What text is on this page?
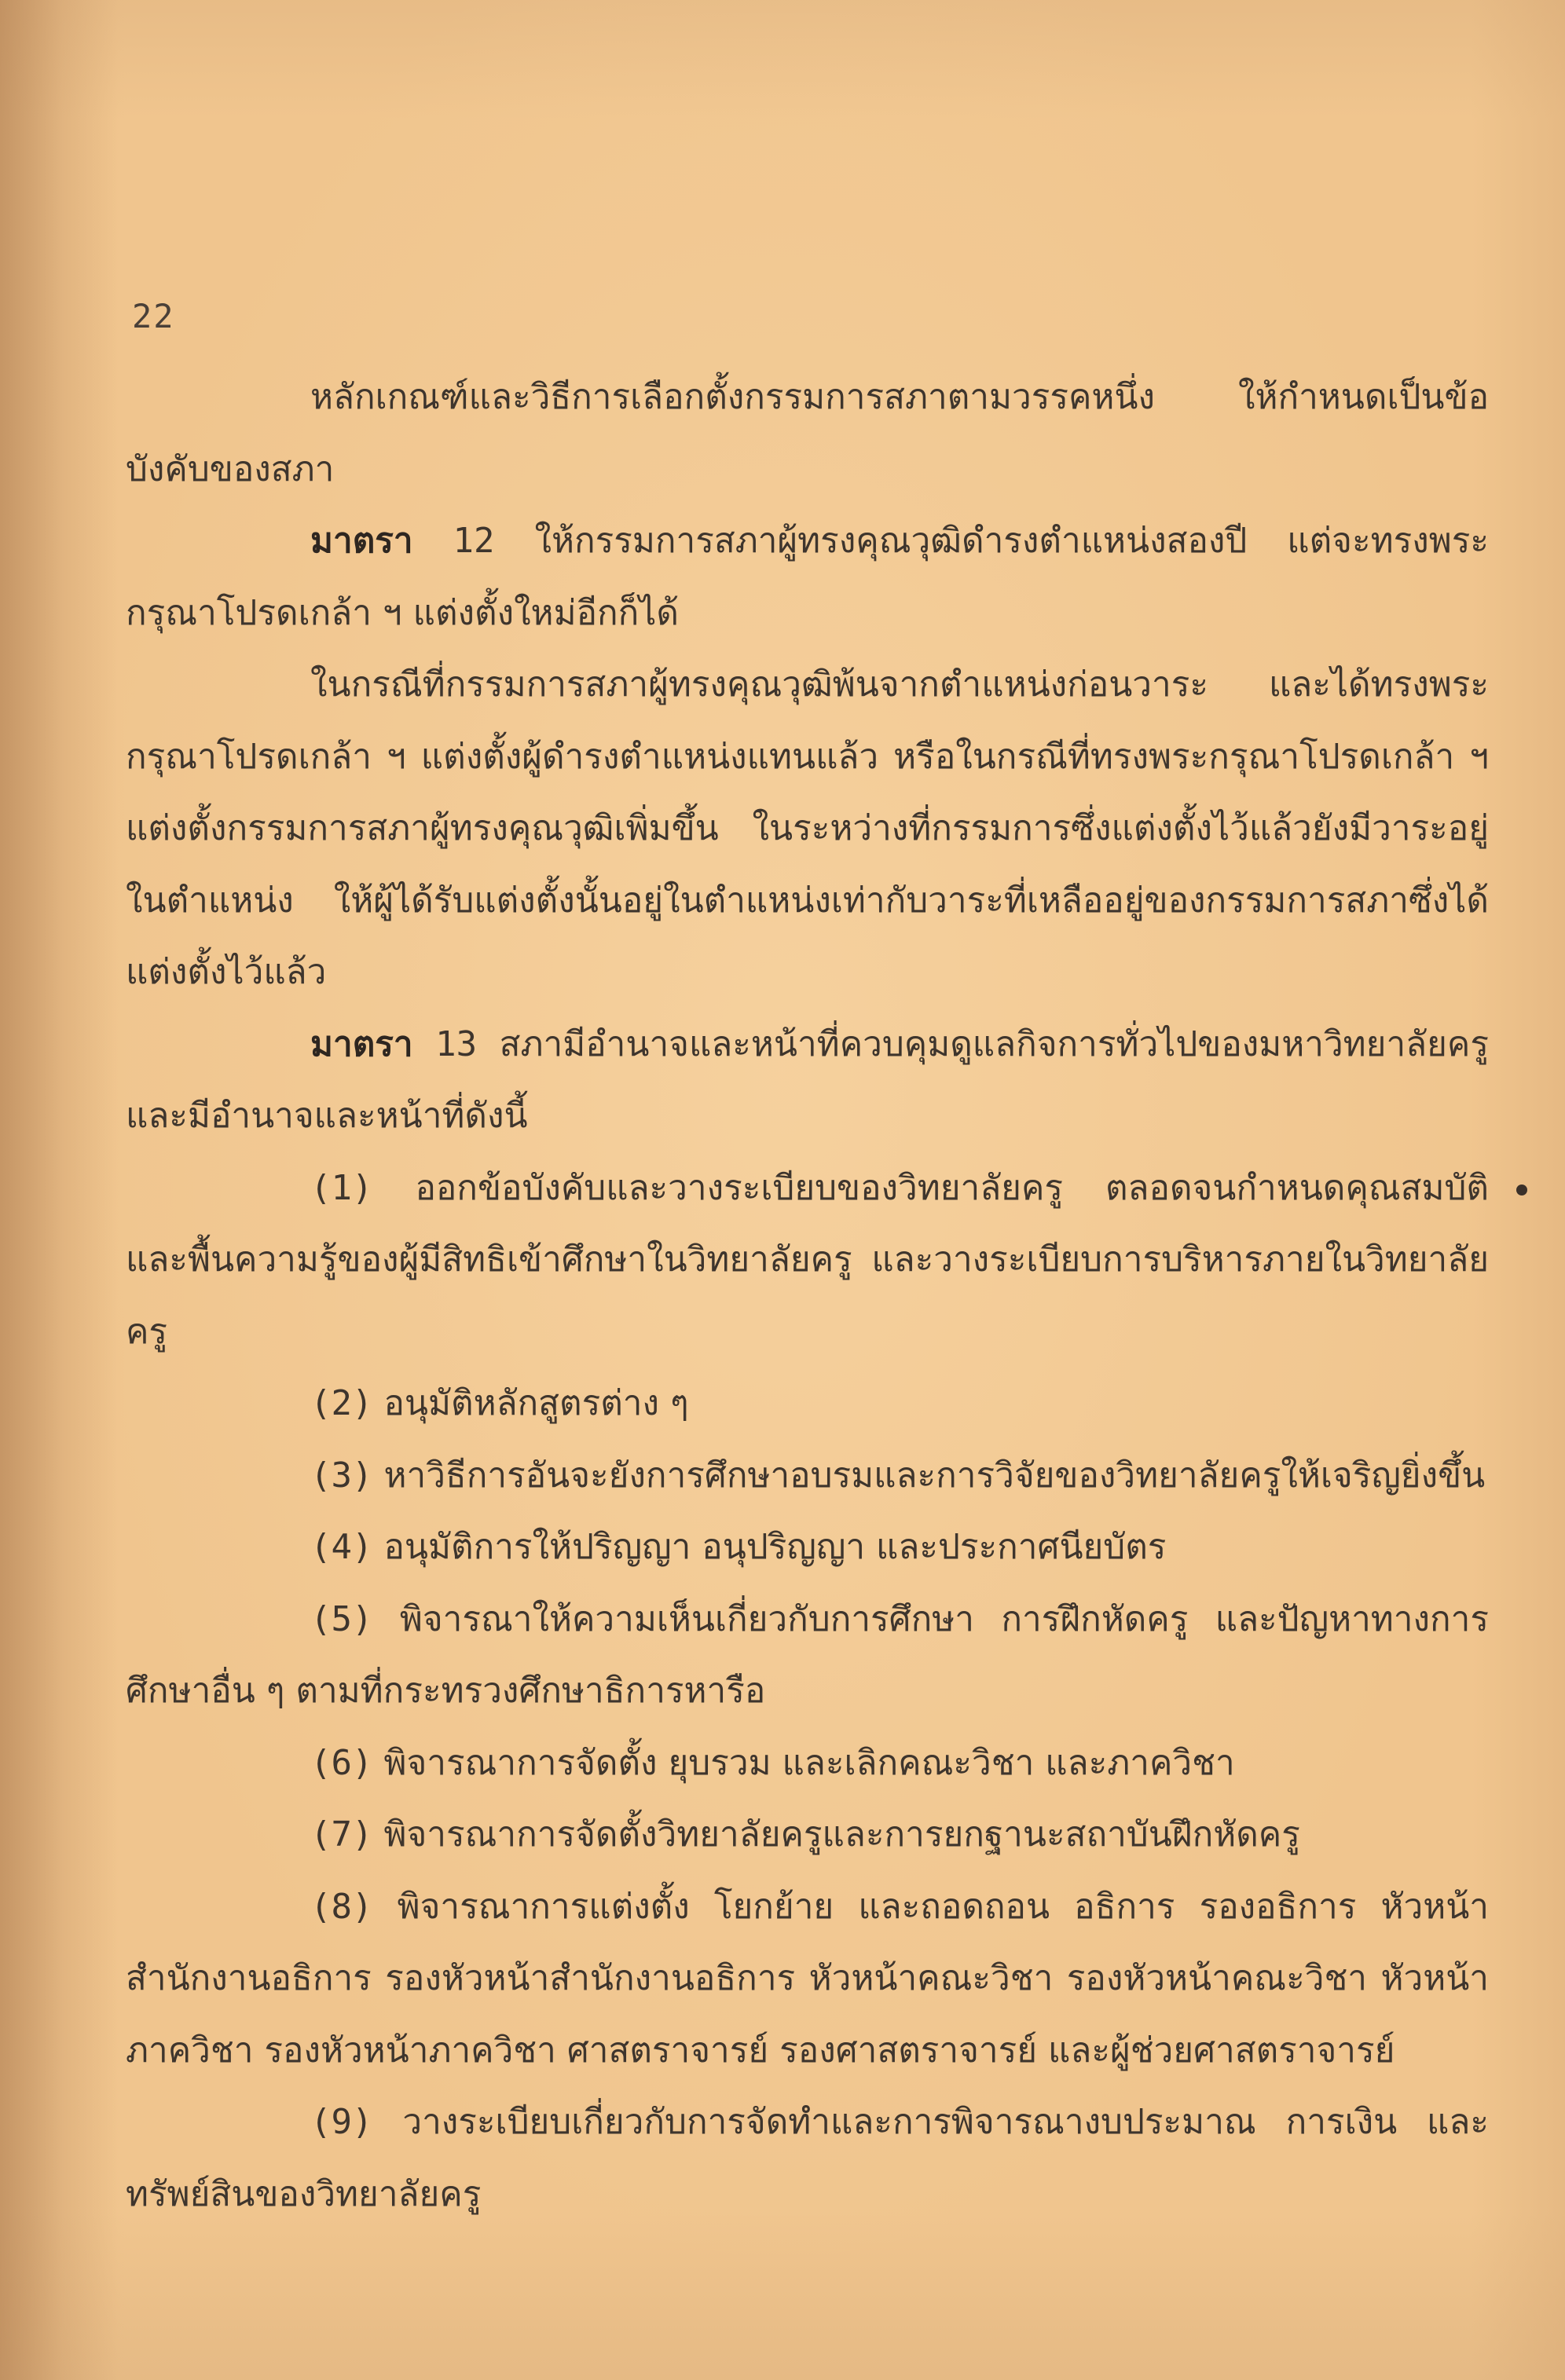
22

หลักเกณฑ์และวิธีการเลือกตั้งกรรมการสภาตามวรรคหนึ่ง ให้กำหนดเป็นข้อบังคับของสภา

มาตรา 12 ให้กรรมการสภาผู้ทรงคุณวุฒิดำรงตำแหน่งสองปี แต่จะทรงพระกรุณาโปรดเกล้า ฯ แต่งตั้งใหม่อีกก็ได้

ในกรณีที่กรรมการสภาผู้ทรงคุณวุฒิพ้นจากตำแหน่งก่อนวาระ และได้ทรงพระกรุณาโปรดเกล้า ฯ แต่งตั้งผู้ดำรงตำแหน่งแทนแล้ว หรือในกรณีที่ทรงพระกรุณาโปรดเกล้า ฯ แต่งตั้งกรรมการสภาผู้ทรงคุณวุฒิเพิ่มขึ้น ในระหว่างที่กรรมการซึ่งแต่งตั้งไว้แล้วยังมีวาระอยู่ในตำแหน่ง ให้ผู้ได้รับแต่งตั้งนั้นอยู่ในตำแหน่งเท่ากับวาระที่เหลืออยู่ของกรรมการสภาซึ่งได้แต่งตั้งไว้แล้ว

มาตรา 13 สภามีอำนาจและหน้าที่ควบคุมดูแลกิจการทั่วไปของมหาวิทยาลัยครู และมีอำนาจและหน้าที่ดังนี้

(1) ออกข้อบังคับและวางระเบียบของวิทยาลัยครู ตลอดจนกำหนดคุณสมบัติ และพื้นความรู้ของผู้มีสิทธิเข้าศึกษาในวิทยาลัยครู และวางระเบียบการบริหารภายในวิทยาลัยครู

(2) อนุมัติหลักสูตรต่าง ๆ

(3) หาวิธีการอันจะยังการศึกษาอบรมและการวิจัยของวิทยาลัยครูให้เจริญยิ่งขึ้น

(4) อนุมัติการให้ปริญญา อนุปริญญา และประกาศนียบัตร

(5) พิจารณาให้ความเห็นเกี่ยวกับการศึกษา การฝึกหัดครู และปัญหาทางการศึกษาอื่น ๆ ตามที่กระทรวงศึกษาธิการหารือ

(6) พิจารณาการจัดตั้ง ยุบรวม และเลิกคณะวิชา และภาควิชา

(7) พิจารณาการจัดตั้งวิทยาลัยครูและการยกฐานะสถาบันฝึกหัดครู

(8) พิจารณาการแต่งตั้ง โยกย้าย และถอดถอน อธิการ รองอธิการ หัวหน้าสำนักงานอธิการ รองหัวหน้าสำนักงานอธิการ หัวหน้าคณะวิชา รองหัวหน้าคณะวิชา หัวหน้าภาควิชา รองหัวหน้าภาควิชา ศาสตราจารย์ รองศาสตราจารย์ และผู้ช่วยศาสตราจารย์

(9) วางระเบียบเกี่ยวกับการจัดทำและการพิจารณางบประมาณ การเงิน และทรัพย์สินของวิทยาลัยครู
